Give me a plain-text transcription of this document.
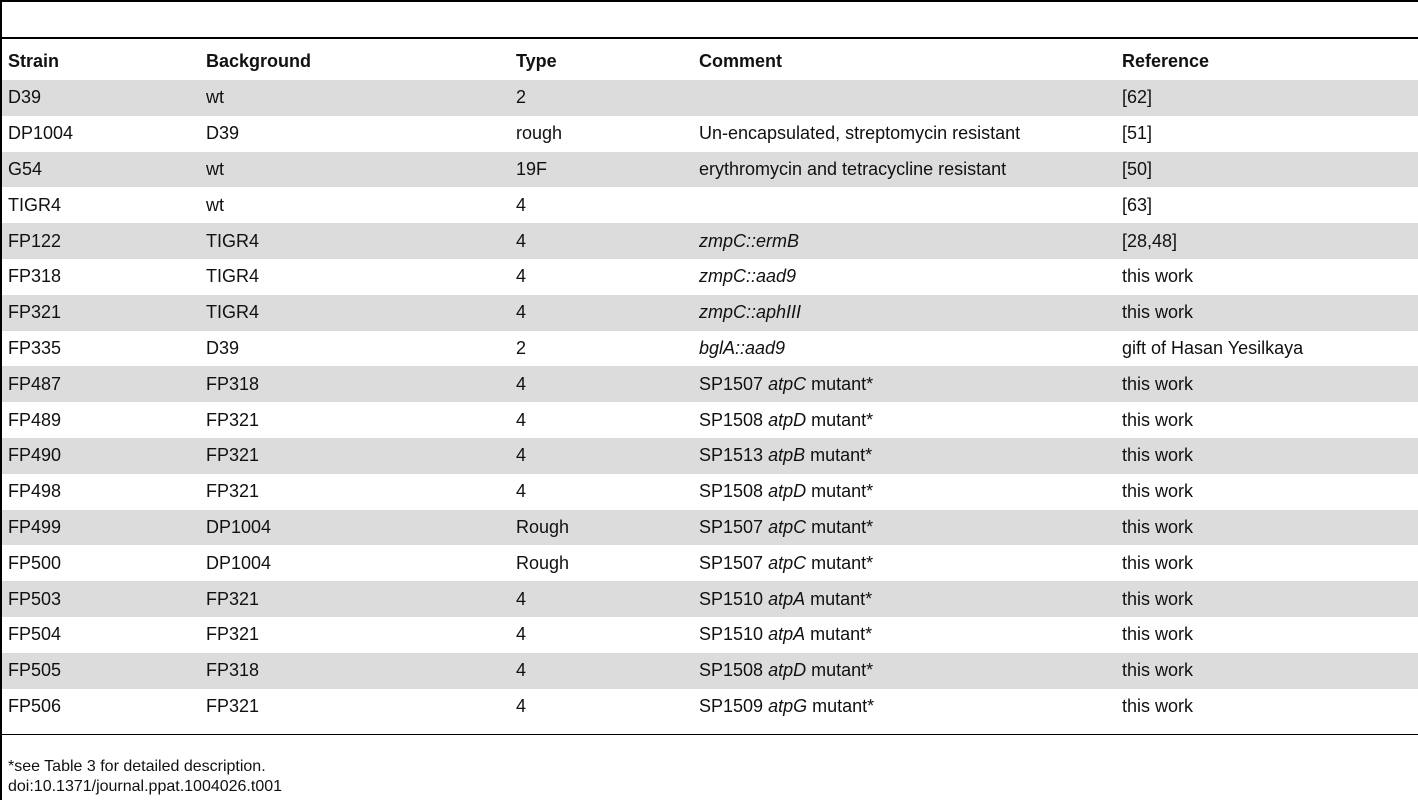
Strain	Background	Type	Comment	Reference
D39	wt	2		[62]
DP1004	D39	rough	Un-encapsulated, streptomycin resistant	[51]
G54	wt	19F	erythromycin and tetracycline resistant	[50]
TIGR4	wt	4		[63]
FP122	TIGR4	4	zmpC::ermB	[28,48]
FP318	TIGR4	4	zmpC::aad9	this work
FP321	TIGR4	4	zmpC::aphIII	this work
FP335	D39	2	bglA::aad9	gift of Hasan Yesilkaya
FP487	FP318	4	SP1507 atpC mutant*	this work
FP489	FP321	4	SP1508 atpD mutant*	this work
FP490	FP321	4	SP1513 atpB mutant*	this work
FP498	FP321	4	SP1508 atpD mutant*	this work
FP499	DP1004	Rough	SP1507 atpC mutant*	this work
FP500	DP1004	Rough	SP1507 atpC mutant*	this work
FP503	FP321	4	SP1510 atpA mutant*	this work
FP504	FP321	4	SP1510 atpA mutant*	this work
FP505	FP318	4	SP1508 atpD mutant*	this work
FP506	FP321	4	SP1509 atpG mutant*	this work
*see Table 3 for detailed description.
doi:10.1371/journal.ppat.1004026.t001
